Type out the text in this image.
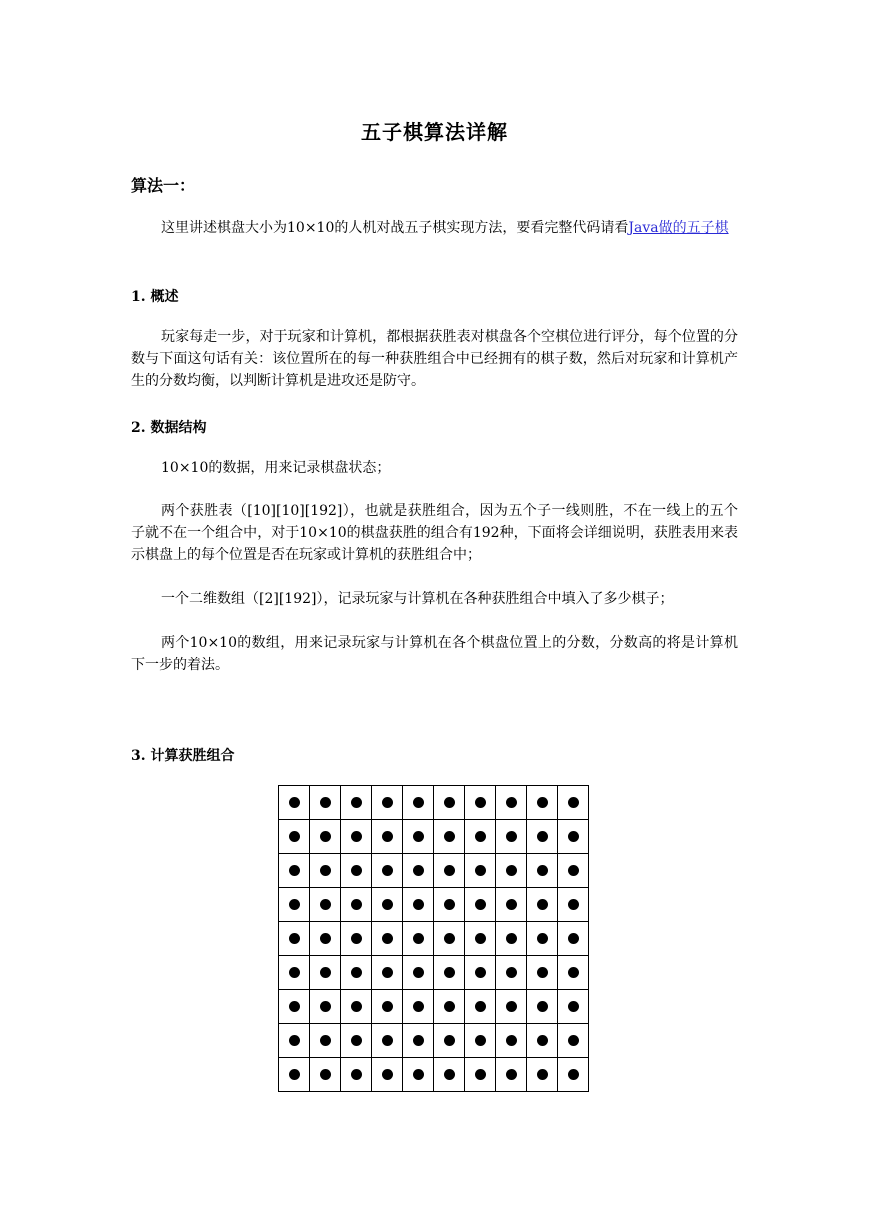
五子棋算法详解
算法一：

这里讲述棋盘大小为10×10的人机对战五子棋实现方法，要看完整代码请看Java做的五子棋

1. 概述

玩家每走一步，对于玩家和计算机，都根据获胜表对棋盘各个空棋位进行评分，每个位置的分数与下面这句话有关：该位置所在的每一种获胜组合中已经拥有的棋子数，然后对玩家和计算机产生的分数均衡，以判断计算机是进攻还是防守。

2. 数据结构

10×10的数据，用来记录棋盘状态；

两个获胜表（[10][10][192]），也就是获胜组合，因为五个子一线则胜，不在一线上的五个子就不在一个组合中，对于10×10的棋盘获胜的组合有192种，下面将会详细说明，获胜表用来表示棋盘上的每个位置是否在玩家或计算机的获胜组合中；

一个二维数组（[2][192]），记录玩家与计算机在各种获胜组合中填入了多少棋子；

两个10×10的数组，用来记录玩家与计算机在各个棋盘位置上的分数，分数高的将是计算机下一步的着法。

3. 计算获胜组合
